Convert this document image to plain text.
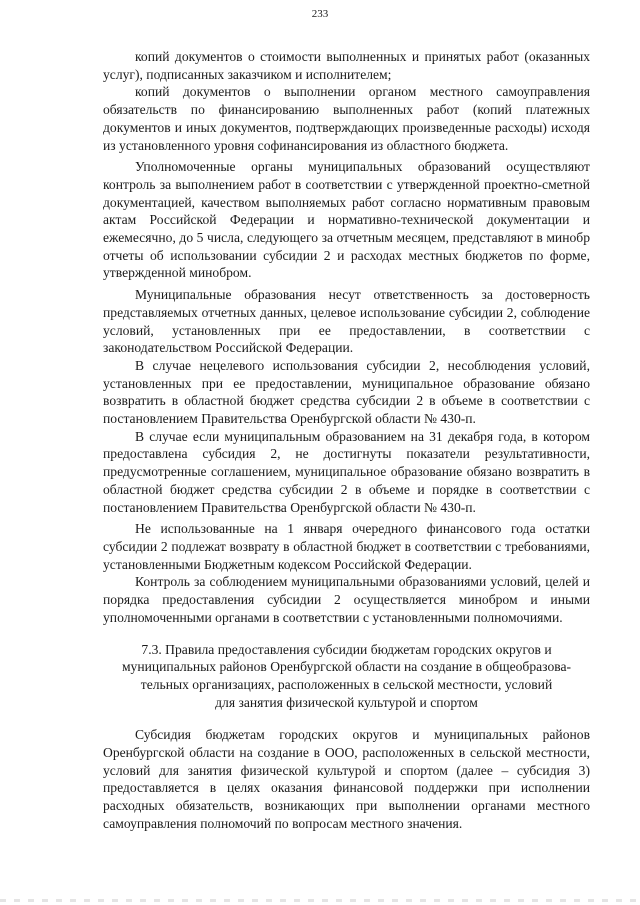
233

копий документов о стоимости выполненных и принятых работ (оказанных услуг), подписанных заказчиком и исполнителем;

копий документов о выполнении органом местного самоуправления обязательств по финансированию выполненных работ (копий платежных документов и иных документов, подтверждающих произведенные расходы) исходя из установленного уровня софинансирования из областного бюджета.

Уполномоченные органы муниципальных образований осуществляют контроль за выполнением работ в соответствии с утвержденной проектно-сметной документацией, качеством выполняемых работ согласно нормативным правовым актам Российской Федерации и нормативно-технической документации и ежемесячно, до 5 числа, следующего за отчетным месяцем, представляют в минобр отчеты об использовании субсидии 2 и расходах местных бюджетов по форме, утвержденной минобром.

Муниципальные образования несут ответственность за достоверность представляемых отчетных данных, целевое использование субсидии 2, соблюдение условий, установленных при ее предоставлении, в соответствии с законодательством Российской Федерации.

В случае нецелевого использования субсидии 2, несоблюдения условий, установленных при ее предоставлении, муниципальное образование обязано возвратить в областной бюджет средства субсидии 2 в объеме в соответствии с постановлением Правительства Оренбургской области № 430-п.

В случае если муниципальным образованием на 31 декабря года, в котором предоставлена субсидия 2, не достигнуты показатели результативности, предусмотренные соглашением, муниципальное образование обязано возвратить в областной бюджет средства субсидии 2 в объеме и порядке в соответствии с постановлением Правительства Оренбургской области № 430-п.

Не использованные на 1 января очередного финансового года остатки субсидии 2 подлежат возврату в областной бюджет в соответствии с требованиями, установленными Бюджетным кодексом Российской Федерации.

Контроль за соблюдением муниципальными образованиями условий, целей и порядка предоставления субсидии 2 осуществляется минобром и иными уполномоченными органами в соответствии с установленными полномочиями.

7.3. Правила предоставления субсидии бюджетам городских округов и
муниципальных районов Оренбургской области на создание в общеобразова-
тельных организациях, расположенных в сельской местности, условий
для занятия физической культурой и спортом

Субсидия бюджетам городских округов и муниципальных районов Оренбургской области на создание в ООО, расположенных в сельской местности, условий для занятия физической культурой и спортом (далее – субсидия 3) предоставляется в целях оказания финансовой поддержки при исполнении расходных обязательств, возникающих при выполнении органами местного самоуправления полномочий по вопросам местного значения.
